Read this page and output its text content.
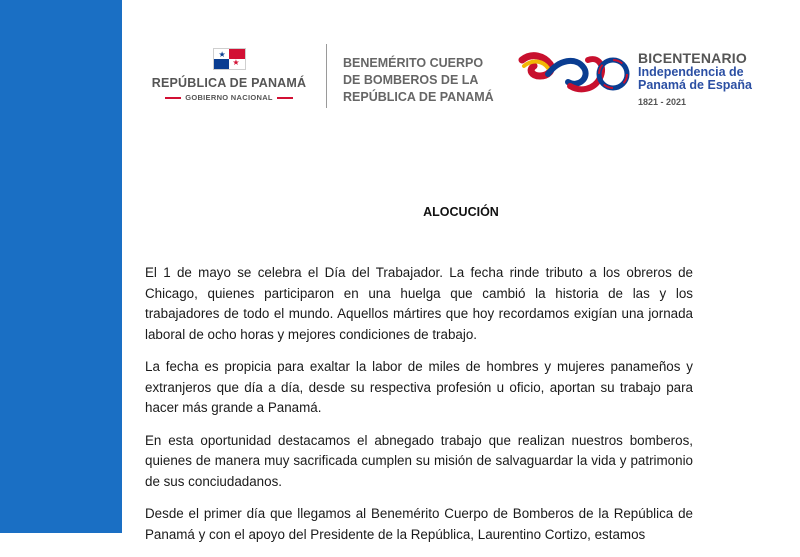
★
★
REPÚBLICA DE PANAMÁ
GOBIERNO NACIONAL
BENEMÉRITO CUERPO
DE BOMBEROS DE LA
REPÚBLICA DE PANAMÁ
BICENTENARIO
Independencia de
Panamá de España
1821 - 2021
ALOCUCIÓN

El 1 de mayo se celebra el Día del Trabajador. La fecha rinde tributo a los obreros de Chicago, quienes participaron en una huelga que cambió la historia de las y los trabajadores de todo el mundo. Aquellos mártires que hoy recordamos exigían una jornada laboral de ocho horas y mejores condiciones de trabajo.

La fecha es propicia para exaltar la labor de miles de hombres y mujeres panameños y extranjeros que día a día, desde su respectiva profesión u oficio, aportan su trabajo para hacer más grande a Panamá.

En esta oportunidad destacamos el abnegado trabajo que realizan nuestros bomberos, quienes de manera muy sacrificada cumplen su misión de salvaguardar la vida y patrimonio de sus conciudadanos.

Desde el primer día que llegamos al Benemérito Cuerpo de Bomberos de la República de Panamá y con el apoyo del Presidente de la República, Laurentino Cortizo, estamos
